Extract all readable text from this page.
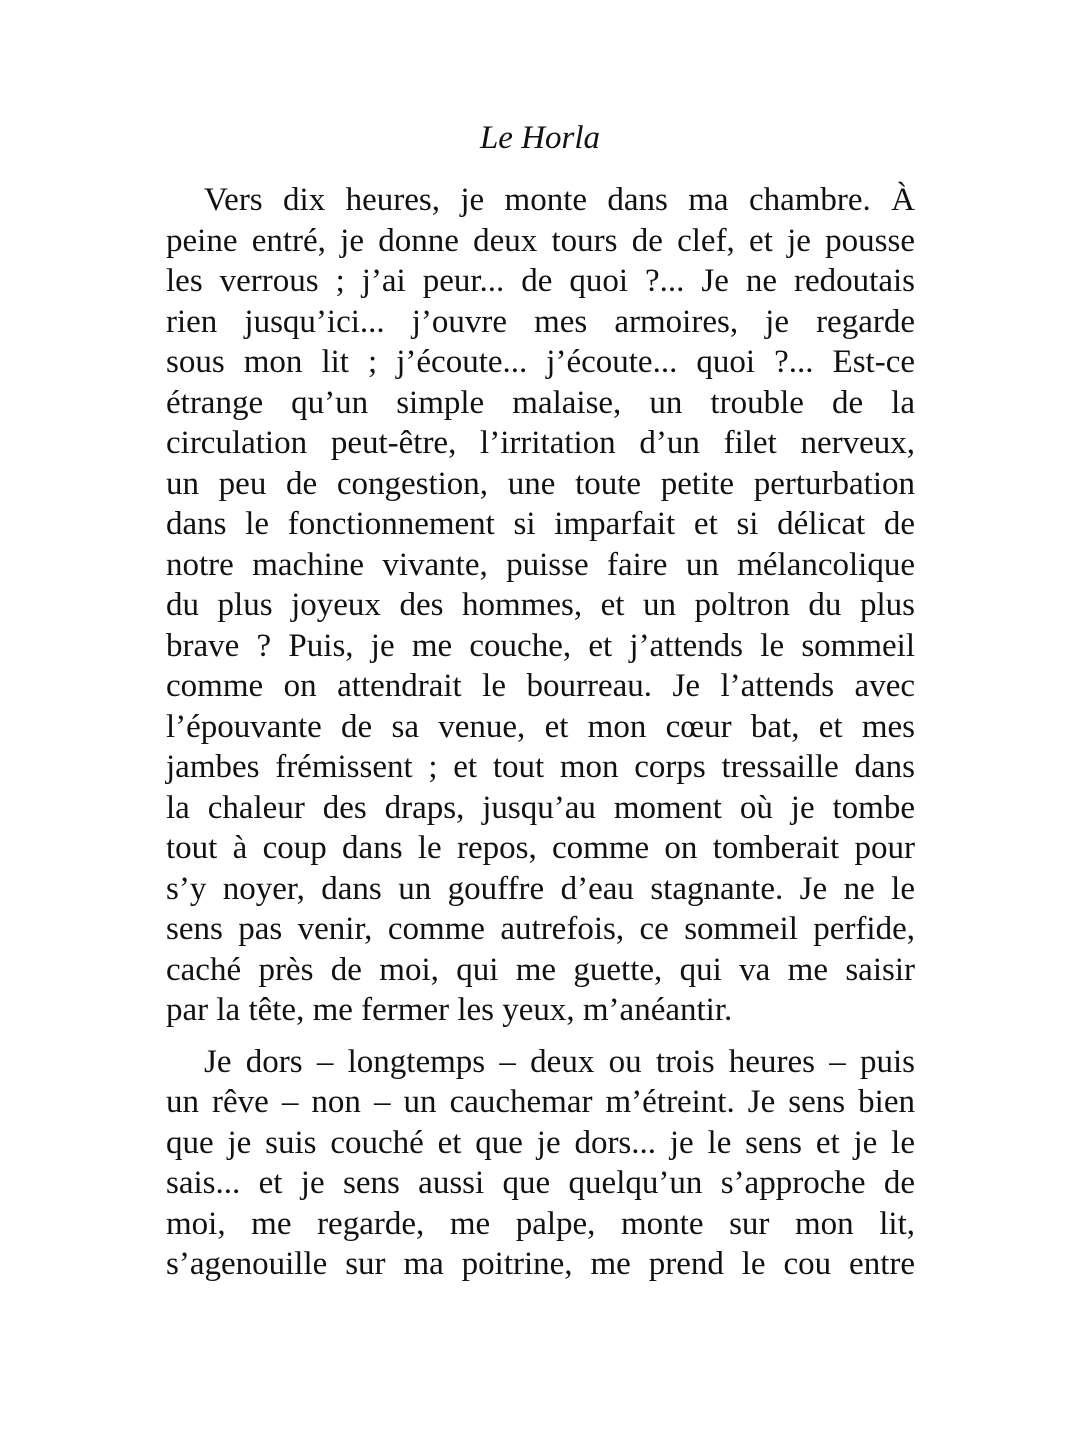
Le Horla
Vers dix heures, je monte dans ma chambre. À
peine entré, je donne deux tours de clef, et je pousse
les verrous ; j’ai peur... de quoi ?... Je ne redoutais
rien jusqu’ici... j’ouvre mes armoires, je regarde
sous mon lit ; j’écoute... j’écoute... quoi ?... Est-ce
étrange qu’un simple malaise, un trouble de la
circulation peut-être, l’irritation d’un filet nerveux,
un peu de congestion, une toute petite perturbation
dans le fonctionnement si imparfait et si délicat de
notre machine vivante, puisse faire un mélancolique
du plus joyeux des hommes, et un poltron du plus
brave ? Puis, je me couche, et j’attends le sommeil
comme on attendrait le bourreau. Je l’attends avec
l’épouvante de sa venue, et mon cœur bat, et mes
jambes frémissent ; et tout mon corps tressaille dans
la chaleur des draps, jusqu’au moment où je tombe
tout à coup dans le repos, comme on tomberait pour
s’y noyer, dans un gouffre d’eau stagnante. Je ne le
sens pas venir, comme autrefois, ce sommeil perfide,
caché près de moi, qui me guette, qui va me saisir
par la tête, me fermer les yeux, m’anéantir.
Je dors – longtemps – deux ou trois heures – puis
un rêve – non – un cauchemar m’étreint. Je sens bien
que je suis couché et que je dors... je le sens et je le
sais... et je sens aussi que quelqu’un s’approche de
moi, me regarde, me palpe, monte sur mon lit,
s’agenouille sur ma poitrine, me prend le cou entre
